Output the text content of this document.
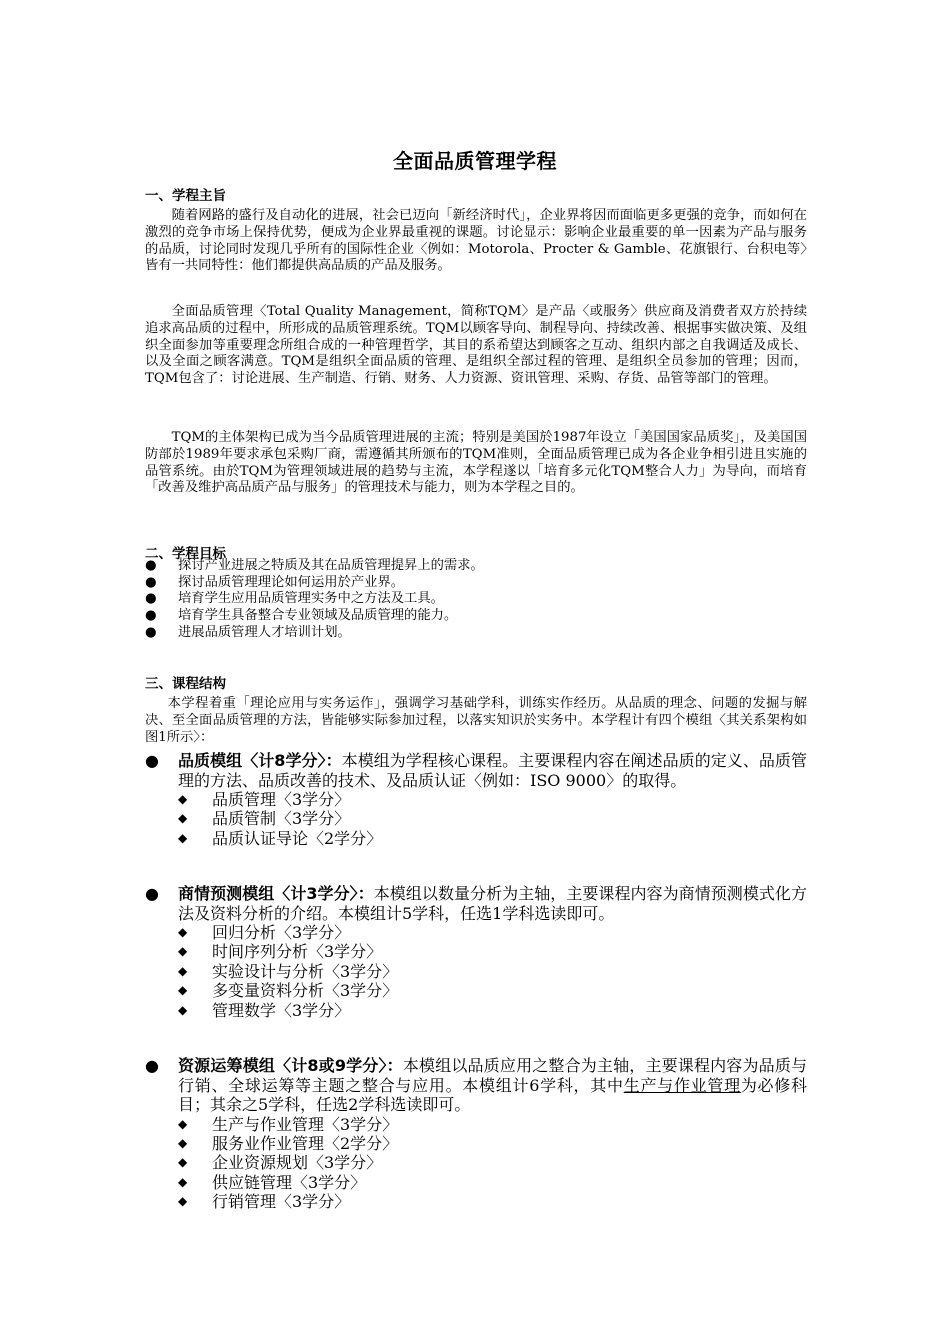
全面品质管理学程
一、学程主旨

随着网路的盛行及自动化的进展，社会已迈向「新经济时代」，企业界将因而面临更多更强的竞争，而如何在激烈的竞争市场上保持优势，便成为企业界最重视的课题。讨论显示：影响企业最重要的单一因素为产品与服务的品质，讨论同时发现几乎所有的国际性企业〈例如：Motorola、Procter & Gamble、花旗银行、台积电等〉皆有一共同特性：他们都提供高品质的产品及服务。

全面品质管理〈Total Quality Management，简称TQM〉是产品〈或服务〉供应商及消费者双方於持续追求高品质的过程中，所形成的品质管理系统。TQM以顾客导向、制程导向、持续改善、根据事实做决策、及组织全面参加等重要理念所组合成的一种管理哲学，其目的系希望达到顾客之互动、组织内部之自我调适及成长、以及全面之顾客满意。TQM是组织全面品质的管理、是组织全部过程的管理、是组织全员参加的管理；因而，TQM包含了：讨论进展、生产制造、行销、财务、人力资源、资讯管理、采购、存货、品管等部门的管理。

TQM的主体架构已成为当今品质管理进展的主流；特别是美国於1987年设立「美国国家品质奖」，及美国国防部於1989年要求承包采购厂商，需遵循其所颁布的TQM准则，全面品质管理已成为各企业争相引进且实施的品管系统。由於TQM为管理领域进展的趋势与主流，本学程遂以「培育多元化TQM整合人力」为导向，而培育「改善及维护高品质产品与服务」的管理技术与能力，则为本学程之目的。

二、学程目标
● 探讨产业进展之特质及其在品质管理提昇上的需求。
● 探讨品质管理理论如何运用於产业界。
● 培育学生应用品质管理实务中之方法及工具。
● 培育学生具备整合专业领域及品质管理的能力。
● 进展品质管理人才培训计划。
三、课程结构

本学程着重「理论应用与实务运作」，强调学习基础学科，训练实作经历。从品质的理念、问题的发掘与解决、至全面品质管理的方法，皆能够实际参加过程，以落实知识於实务中。本学程计有四个模组〈其关系架构如图1所示〉：

● 品质模组〈计8学分〉：本模组为学程核心课程。主要课程内容在阐述品质的定义、品质管理的方法、品质改善的技术、及品质认证〈例如：ISO 9000〉的取得。

◆ 品质管理〈3学分〉
◆ 品质管制〈3学分〉
◆ 品质认证导论〈2学分〉
● 商情预测模组〈计3学分〉：本模组以数量分析为主轴，主要课程内容为商情预测模式化方法及资料分析的介绍。本模组计5学科，任选1学科选读即可。

◆ 回归分析〈3学分〉
◆ 时间序列分析〈3学分〉
◆ 实验设计与分析〈3学分〉
◆ 多变量资料分析〈3学分〉
◆ 管理数学〈3学分〉
● 资源运筹模组〈计8或9学分〉：本模组以品质应用之整合为主轴，主要课程内容为品质与行销、全球运筹等主题之整合与应用。本模组计6学科，其中生产与作业管理为必修科目；其余之5学科，任选2学科选读即可。

◆ 生产与作业管理〈3学分〉
◆ 服务业作业管理〈2学分〉
◆ 企业资源规划〈3学分〉
◆ 供应链管理〈3学分〉
◆ 行销管理〈3学分〉
